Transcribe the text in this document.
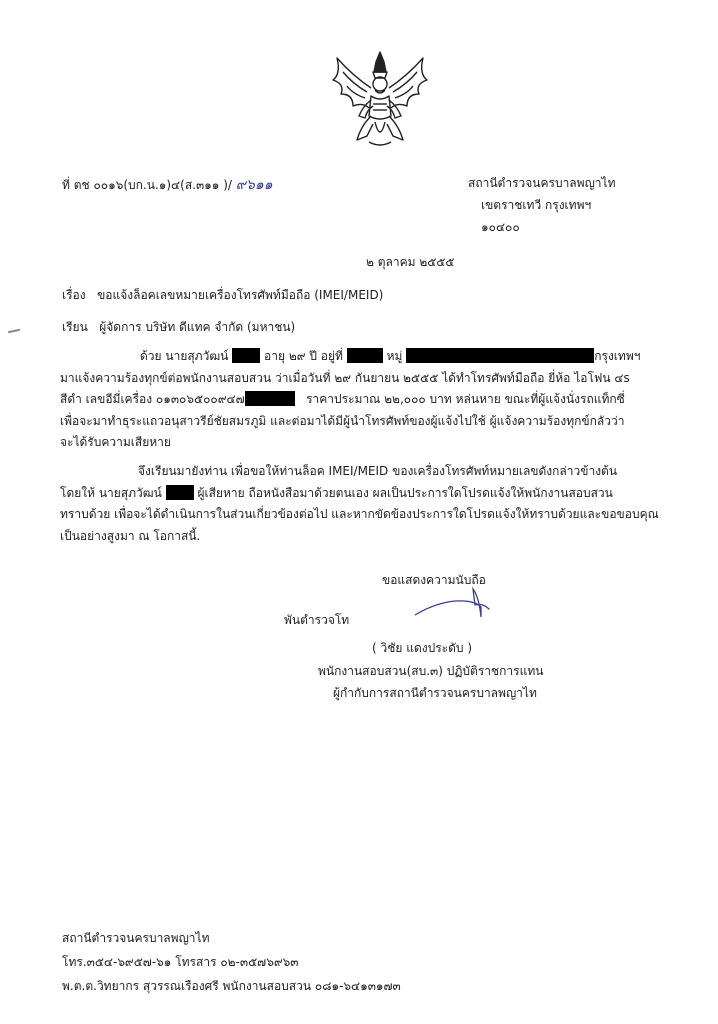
ที่ ตช ๐๐๑๖(บก.น.๑)๔(ส.๓๑๑ )/ ๙๖๑๑	สถานีตำรวจนครบาลพญาไท
เขตราชเทวี กรุงเทพฯ
๑๐๔๐๐
๒ ตุลาคม ๒๕๕๕
เรื่อง ขอแจ้งล็อคเลขหมายเครื่องโทรศัพท์มือถือ (IMEI/MEID)
เรียน ผู้จัดการ บริษัท ดีแทค จำกัด (มหาชน)
ด้วย นายสุภวัฒน์	อายุ ๒๙ ปี อยู่ที่	หมู่	กรุงเทพฯ
มาแจ้งความร้องทุกข์ต่อพนักงานสอบสวน ว่าเมื่อวันที่ ๒๙ กันยายน ๒๕๕๕ ได้ทำโทรศัพท์มือถือ ยี่ห้อ ไอโฟน ๔s
สีดำ เลขอีมี่เครื่อง ๐๑๓๐๖๕๐๐๙๔๗	ราคาประมาณ ๒๒,๐๐๐ บาท หล่นหาย ขณะที่ผู้แจ้งนั่งรถแท็กซี่
เพื่อจะมาทำธุระแถวอนุสาวรีย์ชัยสมรภูมิ และต่อมาได้มีผู้นำโทรศัพท์ของผู้แจ้งไปใช้ ผู้แจ้งความร้องทุกข์กลัวว่า
จะได้รับความเสียหาย
จึงเรียนมายังท่าน เพื่อขอให้ท่านล็อค IMEI/MEID ของเครื่องโทรศัพท์หมายเลขดังกล่าวข้างต้น
โดยให้ นายสุภวัฒน์	ผู้เสียหาย ถือหนังสือมาด้วยตนเอง ผลเป็นประการใดโปรดแจ้งให้พนักงานสอบสวน
ทราบด้วย เพื่อจะได้ดำเนินการในส่วนเกี่ยวข้องต่อไป และหากขัดข้องประการใดโปรดแจ้งให้ทราบด้วยและขอขอบคุณ
เป็นอย่างสูงมา ณ โอกาสนี้.
ขอแสดงความนับถือ
พันตำรวจโท
( วิชัย แดงประดับ )
พนักงานสอบสวน(สบ.๓) ปฏิบัติราชการแทน
ผู้กำกับการสถานีตำรวจนครบาลพญาไท
สถานีตำรวจนครบาลพญาไท
โทร.๓๕๔-๖๙๕๗-๖๑ โทรสาร ๐๒-๓๕๗๖๙๖๓
พ.ต.ต.วิทยากร สุวรรณเรืองศรี พนักงานสอบสวน ๐๘๑-๖๔๑๓๑๗๓
